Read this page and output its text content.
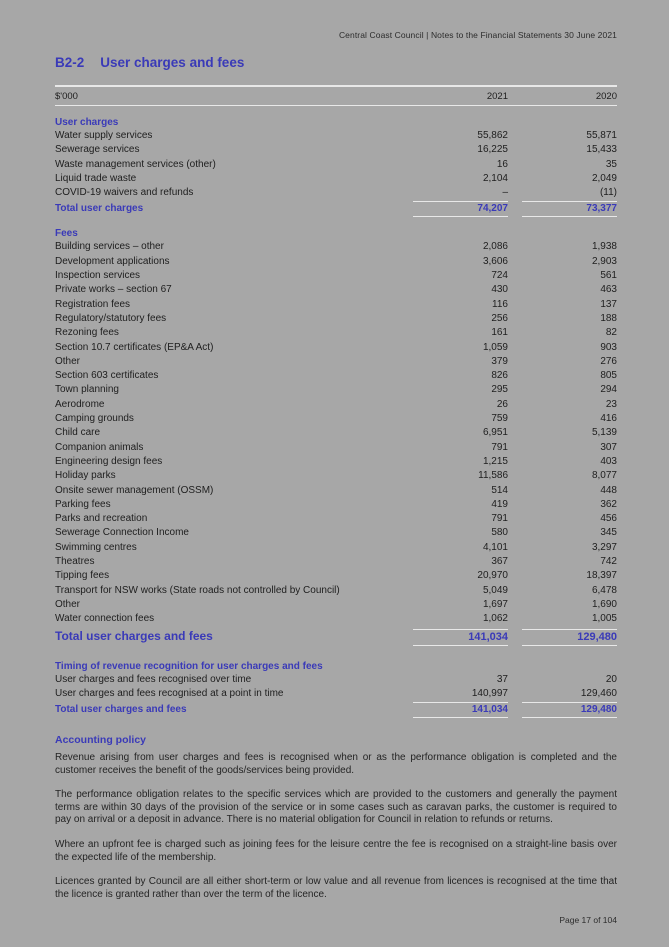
Central Coast Council | Notes to the Financial Statements 30 June 2021
B2-2 User charges and fees
$'000	2021	2020
User charges
Water supply services	55,862	55,871
Sewerage services	16,225	15,433
Waste management services (other)	16	35
Liquid trade waste	2,104	2,049
COVID-19 waivers and refunds	–	(11)
Total user charges	74,207	73,377
Fees
Building services – other	2,086	1,938
Development applications	3,606	2,903
Inspection services	724	561
Private works – section 67	430	463
Registration fees	116	137
Regulatory/statutory fees	256	188
Rezoning fees	161	82
Section 10.7 certificates (EP&A Act)	1,059	903
Other	379	276
Section 603 certificates	826	805
Town planning	295	294
Aerodrome	26	23
Camping grounds	759	416
Child care	6,951	5,139
Companion animals	791	307
Engineering design fees	1,215	403
Holiday parks	11,586	8,077
Onsite sewer management (OSSM)	514	448
Parking fees	419	362
Parks and recreation	791	456
Sewerage Connection Income	580	345
Swimming centres	4,101	3,297
Theatres	367	742
Tipping fees	20,970	18,397
Transport for NSW works (State roads not controlled by Council)	5,049	6,478
Other	1,697	1,690
Water connection fees	1,062	1,005
Total user charges and fees	141,034	129,480
Timing of revenue recognition for user charges and fees
User charges and fees recognised over time	37	20
User charges and fees recognised at a point in time	140,997	129,460
Total user charges and fees	141,034	129,480
Accounting policy

Revenue arising from user charges and fees is recognised when or as the performance obligation is completed and the customer receives the benefit of the goods/services being provided.

The performance obligation relates to the specific services which are provided to the customers and generally the payment terms are within 30 days of the provision of the service or in some cases such as caravan parks, the customer is required to pay on arrival or a deposit in advance. There is no material obligation for Council in relation to refunds or returns.

Where an upfront fee is charged such as joining fees for the leisure centre the fee is recognised on a straight-line basis over the expected life of the membership.

Licences granted by Council are all either short-term or low value and all revenue from licences is recognised at the time that the licence is granted rather than over the term of the licence.

Page 17 of 104
